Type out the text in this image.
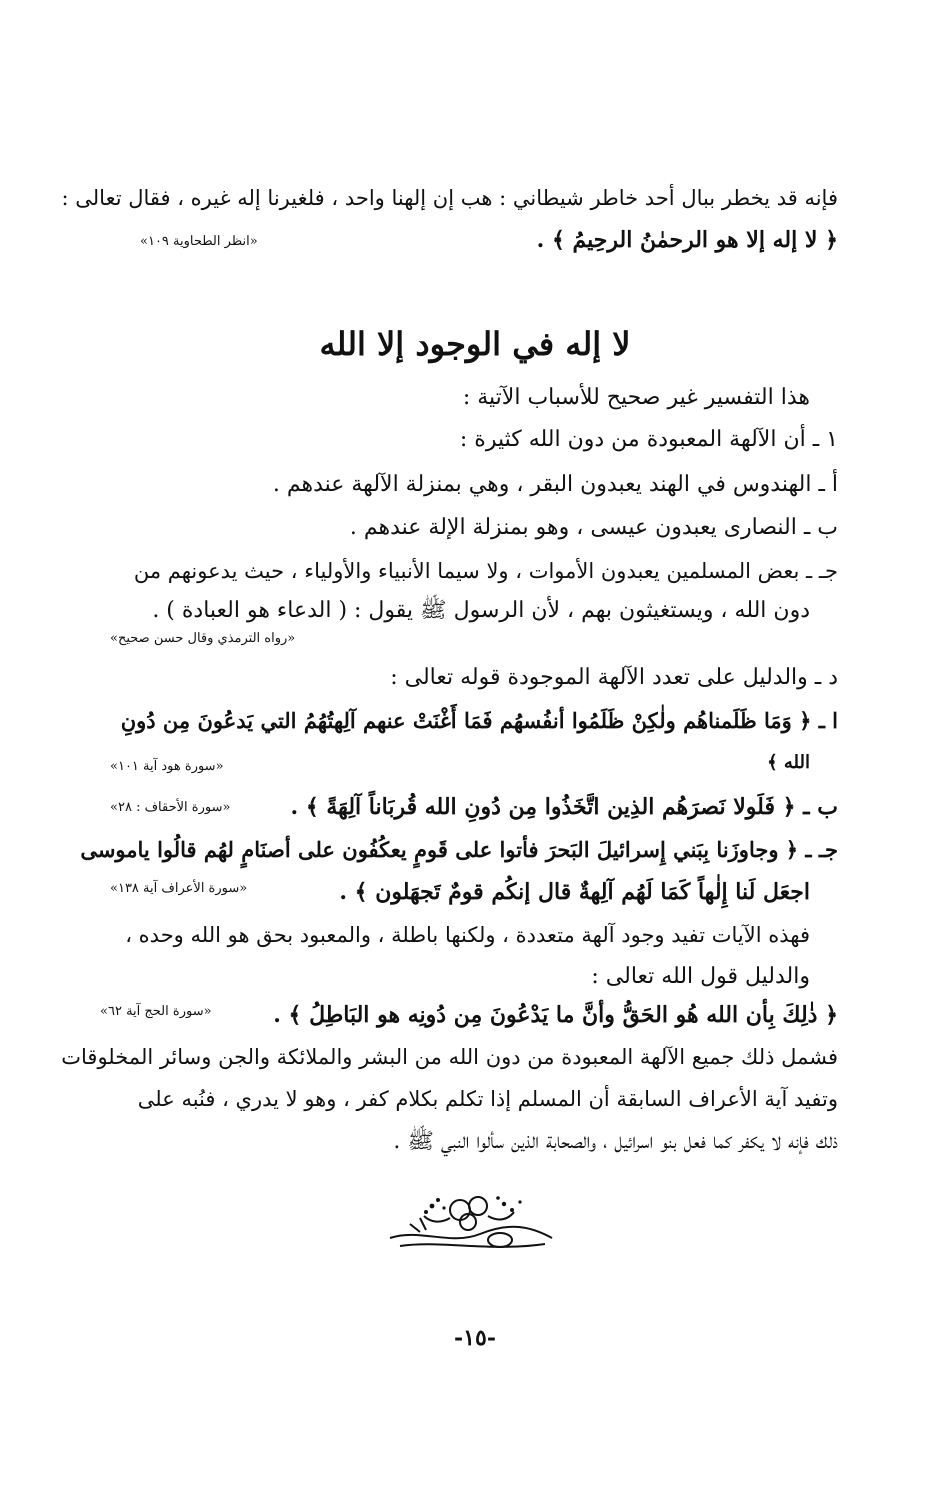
فإنه قد يخطر ببال أحد خاطر شيطاني : هب إن إلهنا واحد ، فلغيرنا إله غيره ، فقال تعالى :
﴿ لا إله إلا هو الرحمٰنُ الرحِيمُ ﴾ .
«انظر الطحاوية ١٠٩»
لا إله في الوجود إلا الله
هذا التفسير غير صحيح للأسباب الآتية :
١ ـ أن الآلهة المعبودة من دون الله كثيرة :
أ ـ الهندوس في الهند يعبدون البقر ، وهي بمنزلة الآلهة عندهم .
ب ـ النصارى يعبدون عيسى ، وهو بمنزلة الإلة عندهم .
جـ ـ بعض المسلمين يعبدون الأموات ، ولا سيما الأنبياء والأولياء ، حيث يدعونهم من
دون الله ، ويستغيثون بهم ، لأن الرسول ﷺ يقول : ( الدعاء هو العبادة ) .
«رواه الترمذي وقال حسن صحيح»
د ـ والدليل على تعدد الآلهة الموجودة قوله تعالى :
ا ـ ﴿ وَمَا ظَلَمناهُم ولٰكِنْ ظَلَمُوا أنفُسهُم فَمَا أَغْنَتْ عنهم آلِهتُهُمُ التي يَدعُونَ مِن دُونِ
الله ﴾
«سورة هود آية ١٠١»
ب ـ ﴿ فَلَولا نَصرَهُم الذِين اتَّخَذُوا مِن دُونِ الله قُربَاناً آلِهَةً ﴾ .
«سورة الأحقاف : ٢٨»
جـ ـ ﴿ وجاوزَنا بِبَني إِسرائيلَ البَحرَ فأتوا على قَومٍ يعكُفُون على أصنَامٍ لهُم قالُوا ياموسى
اجعَل لَنا إِلٰهاً كَمَا لَهُم آلِهةٌ قال إنكُم قومٌ تَجهَلون ﴾ .
«سورة الأعراف آية ١٣٨»
فهذه الآيات تفيد وجود آلهة متعددة ، ولكنها باطلة ، والمعبود بحق هو الله وحده ،
والدليل قول الله تعالى :
﴿ ذٰلِكَ بِأن الله هُو الحَقُّ وأنَّ ما يَدْعُونَ مِن دُونِه هو البَاطِلُ ﴾ .
«سورة الحج آية ٦٢»
فشمل ذلك جميع الآلهة المعبودة من دون الله من البشر والملائكة والجن وسائر المخلوقات
وتفيد آية الأعراف السابقة أن المسلم إذا تكلم بكلام كفر ، وهو لا يدري ، فنُبه على
ذلك فإنه لا يكفر كما فعل بنو اسرائيل ، والصحابة الذين سألوا النبي ﷺ .
-١٥-
